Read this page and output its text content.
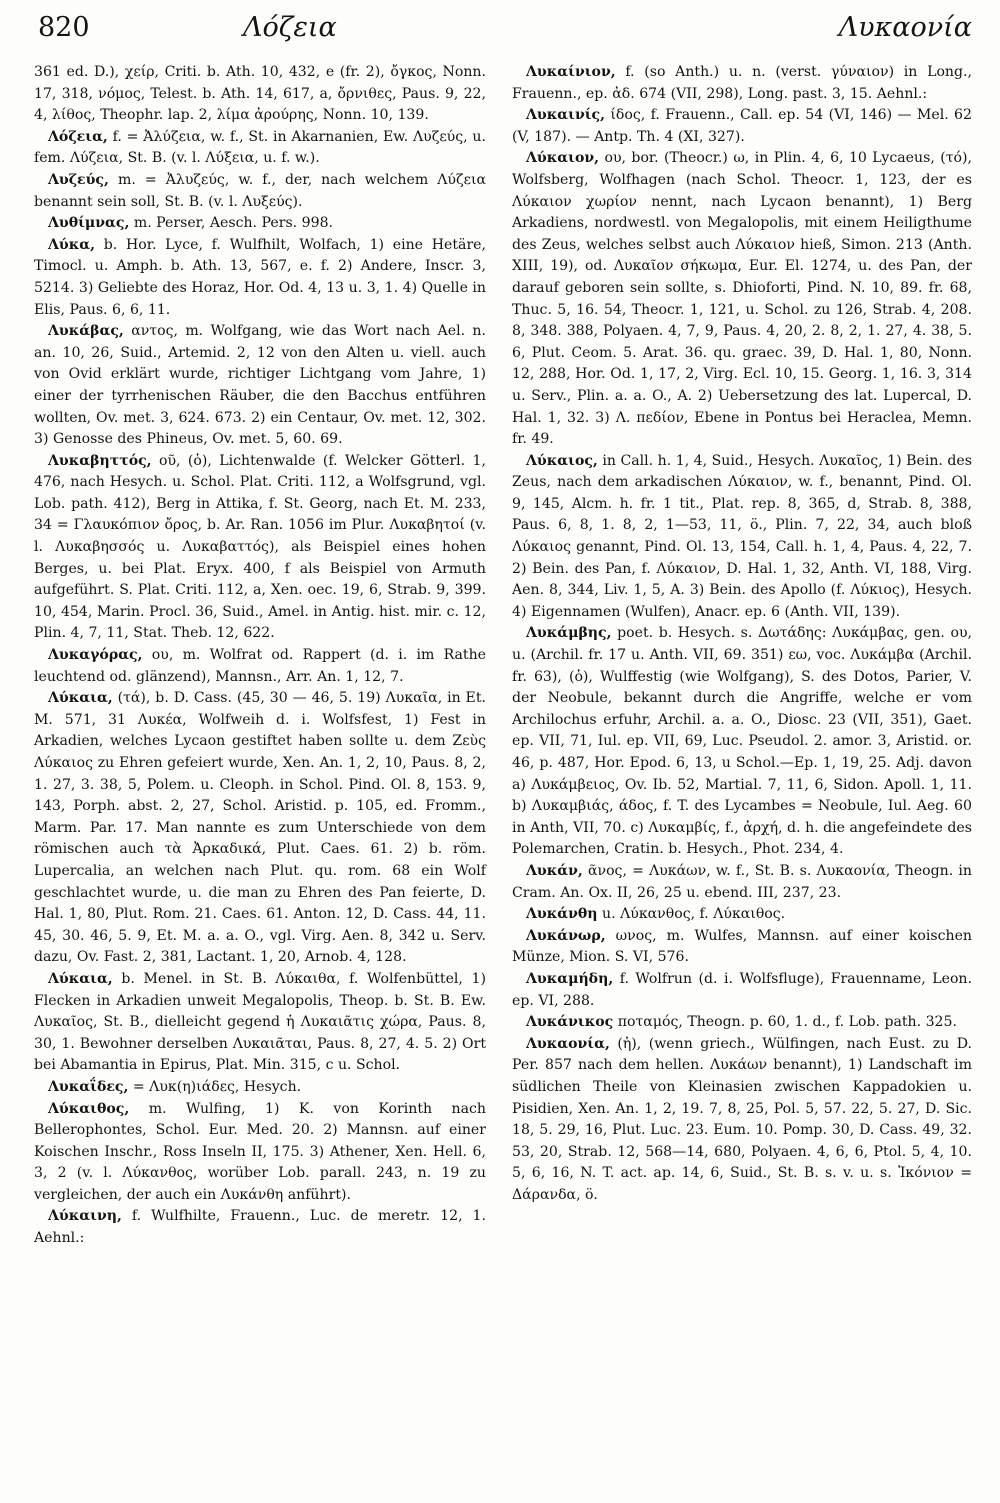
820	Λόζεια	Λυκαονία

361 ed. D.), χείρ, Criti. b. Ath. 10, 432, e (fr. 2), ὄγκος, Nonn. 17, 318, νόμος, Telest. b. Ath. 14, 617, a, ὄρνιθες, Paus. 9, 22, 4, λίθος, Theophr. lap. 2, λίμα ἀρούρης, Nonn. 10, 139.

Λόζεια, f. = Ἀλύζεια, w. f., St. in Akarnanien, Ew. Λυζεύς, u. fem. Λύζεια, St. B. (v. l. Λύξεια, u. f. w.).

Λυζεύς, m. = Ἀλυζεύς, w. f., der, nach welchem Λύζεια benannt sein soll, St. B. (v. l. Λυξεύς).

Λυθίμνας, m. Perser, Aesch. Pers. 998.

Λύκα, b. Hor. Lyce, f. Wulfhilt, Wolfach, 1) eine Hetäre, Timocl. u. Amph. b. Ath. 13, 567, e. f. 2) Andere, Inscr. 3, 5214. 3) Geliebte des Horaz, Hor. Od. 4, 13 u. 3, 1. 4) Quelle in Elis, Paus. 6, 6, 11.

Λυκάβας, αντος, m. Wolfgang, wie das Wort nach Ael. n. an. 10, 26, Suid., Artemid. 2, 12 von den Alten u. viell. auch von Ovid erklärt wurde, richtiger Lichtgang vom Jahre, 1) einer der tyrrhenischen Räuber, die den Bacchus entführen wollten, Ov. met. 3, 624. 673. 2) ein Centaur, Ov. met. 12, 302. 3) Genosse des Phineus, Ov. met. 5, 60. 69.

Λυκαβηττός, οῦ, (ὁ), Lichtenwalde (f. Welcker Götterl. 1, 476, nach Hesych. u. Schol. Plat. Criti. 112, a Wolfsgrund, vgl. Lob. path. 412), Berg in Attika, f. St. Georg, nach Et. M. 233, 34 = Γλαυκόπιον ὄρος, b. Ar. Ran. 1056 im Plur. Λυκαβητοί (v. l. Λυκαβησσός u. Λυκαβαττός), als Beispiel eines hohen Berges, u. bei Plat. Eryx. 400, f als Beispiel von Armuth aufgeführt. S. Plat. Criti. 112, a, Xen. oec. 19, 6, Strab. 9, 399. 10, 454, Marin. Procl. 36, Suid., Amel. in Antig. hist. mir. c. 12, Plin. 4, 7, 11, Stat. Theb. 12, 622.

Λυκαγόρας, ου, m. Wolfrat od. Rappert (d. i. im Rathe leuchtend od. glänzend), Mannsn., Arr. An. 1, 12, 7.

Λύκαια, (τά), b. D. Cass. (45, 30 — 46, 5. 19) Λυκαῖα, in Et. M. 571, 31 Λυκέα, Wolfweih d. i. Wolfsfest, 1) Fest in Arkadien, welches Lycaon gestiftet haben sollte u. dem Ζεὺς Λύκαιος zu Ehren gefeiert wurde, Xen. An. 1, 2, 10, Paus. 8, 2, 1. 27, 3. 38, 5, Polem. u. Cleoph. in Schol. Pind. Ol. 8, 153. 9, 143, Porph. abst. 2, 27, Schol. Aristid. p. 105, ed. Fromm., Marm. Par. 17. Man nannte es zum Unterschiede von dem römischen auch τὰ Ἀρκαδικά, Plut. Caes. 61. 2) b. röm. Lupercalia, an welchen nach Plut. qu. rom. 68 ein Wolf geschlachtet wurde, u. die man zu Ehren des Pan feierte, D. Hal. 1, 80, Plut. Rom. 21. Caes. 61. Anton. 12, D. Cass. 44, 11. 45, 30. 46, 5. 9, Et. M. a. a. O., vgl. Virg. Aen. 8, 342 u. Serv. dazu, Ov. Fast. 2, 381, Lactant. 1, 20, Arnob. 4, 128.

Λύκαια, b. Menel. in St. B. Λύκαιθα, f. Wolfenbüttel, 1) Flecken in Arkadien unweit Megalopolis, Theop. b. St. B. Ew. Λυκαῖος, St. B., dielleicht gegend ἡ Λυκαιᾶτις χώρα, Paus. 8, 30, 1. Bewohner derselben Λυκαιᾶται, Paus. 8, 27, 4. 5. 2) Ort bei Abamantia in Epirus, Plat. Min. 315, c u. Schol.

Λυκαΐδες, = Λυκ(η)ιάδες, Hesych.

Λύκαιθος, m. Wulfing, 1) K. von Korinth nach Bellerophontes, Schol. Eur. Med. 20. 2) Mannsn. auf einer Koischen Inschr., Ross Inseln II, 175. 3) Athener, Xen. Hell. 6, 3, 2 (v. l. Λύκανθος, worüber Lob. parall. 243, n. 19 zu vergleichen, der auch ein Λυκάνθη anführt).

Λύκαινη, f. Wulfhilte, Frauenn., Luc. de meretr. 12, 1. Aehnl.:

Λυκαίνιον, f. (so Anth.) u. n. (verst. γύναιον) in Long., Frauenn., ep. ἀδ. 674 (VII, 298), Long. past. 3, 15. Aehnl.:

Λυκαινίς, ίδος, f. Frauenn., Call. ep. 54 (VI, 146) — Mel. 62 (V, 187). — Antp. Th. 4 (XI, 327).

Λύκαιον, ου, bor. (Theocr.) ω, in Plin. 4, 6, 10 Lycaeus, (τό), Wolfsberg, Wolfhagen (nach Schol. Theocr. 1, 123, der es Λύκαιον χωρίον nennt, nach Lycaon benannt), 1) Berg Arkadiens, nordwestl. von Megalopolis, mit einem Heiligthume des Zeus, welches selbst auch Λύκαιον hieß, Simon. 213 (Anth. XIII, 19), od. Λυκαῖον σήκωμα, Eur. El. 1274, u. des Pan, der darauf geboren sein sollte, s. Dhioforti, Pind. N. 10, 89. fr. 68, Thuc. 5, 16. 54, Theocr. 1, 121, u. Schol. zu 126, Strab. 4, 208. 8, 348. 388, Polyaen. 4, 7, 9, Paus. 4, 20, 2. 8, 2, 1. 27, 4. 38, 5. 6, Plut. Ceom. 5. Arat. 36. qu. graec. 39, D. Hal. 1, 80, Nonn. 12, 288, Hor. Od. 1, 17, 2, Virg. Ecl. 10, 15. Georg. 1, 16. 3, 314 u. Serv., Plin. a. a. O., A. 2) Uebersetzung des lat. Lupercal, D. Hal. 1, 32. 3) Λ. πεδίον, Ebene in Pontus bei Heraclea, Memn. fr. 49.

Λύκαιος, in Call. h. 1, 4, Suid., Hesych. Λυκαῖος, 1) Bein. des Zeus, nach dem arkadischen Λύκαιον, w. f., benannt, Pind. Ol. 9, 145, Alcm. h. fr. 1 tit., Plat. rep. 8, 365, d, Strab. 8, 388, Paus. 6, 8, 1. 8, 2, 1—53, 11, ö., Plin. 7, 22, 34, auch bloß Λύκαιος genannt, Pind. Ol. 13, 154, Call. h. 1, 4, Paus. 4, 22, 7. 2) Bein. des Pan, f. Λύκαιον, D. Hal. 1, 32, Anth. VI, 188, Virg. Aen. 8, 344, Liv. 1, 5, A. 3) Bein. des Apollo (f. Λύκιος), Hesych. 4) Eigennamen (Wulfen), Anacr. ep. 6 (Anth. VII, 139).

Λυκάμβης, poet. b. Hesych. s. Δωτάδης: Λυκάμβας, gen. ου, u. (Archil. fr. 17 u. Anth. VII, 69. 351) εω, voc. Λυκάμβα (Archil. fr. 63), (ὁ), Wulffestig (wie Wolfgang), S. des Dotos, Parier, V. der Neobule, bekannt durch die Angriffe, welche er vom Archilochus erfuhr, Archil. a. a. O., Diosc. 23 (VII, 351), Gaet. ep. VII, 71, Iul. ep. VII, 69, Luc. Pseudol. 2. amor. 3, Aristid. or. 46, p. 487, Hor. Epod. 6, 13, u Schol.—Ep. 1, 19, 25. Adj. davon a) Λυκάμβειος, Ov. Ib. 52, Martial. 7, 11, 6, Sidon. Apoll. 1, 11. b) Λυκαμβιάς, άδος, f. T. des Lycambes = Neobule, Iul. Aeg. 60 in Anth, VII, 70. c) Λυκαμβίς, f., ἀρχή, d. h. die angefeindete des Polemarchen, Cratin. b. Hesych., Phot. 234, 4.

Λυκάν, ᾶνος, = Λυκάων, w. f., St. B. s. Λυκαονία, Theogn. in Cram. An. Ox. II, 26, 25 u. ebend. III, 237, 23.

Λυκάνθη u. Λύκανθος, f. Λύκαιθος.

Λυκάνωρ, ωνος, m. Wulfes, Mannsn. auf einer koischen Münze, Mion. S. VI, 576.

Λυκαμήδη, f. Wolfrun (d. i. Wolfsfluge), Frauenname, Leon. ep. VI, 288.

Λυκάνικος ποταμός, Theogn. p. 60, 1. d., f. Lob. path. 325.

Λυκαονία, (ἡ), (wenn griech., Wülfingen, nach Eust. zu D. Per. 857 nach dem hellen. Λυκάων benannt), 1) Landschaft im südlichen Theile von Kleinasien zwischen Kappadokien u. Pisidien, Xen. An. 1, 2, 19. 7, 8, 25, Pol. 5, 57. 22, 5. 27, D. Sic. 18, 5. 29, 16, Plut. Luc. 23. Eum. 10. Pomp. 30, D. Cass. 49, 32. 53, 20, Strab. 12, 568—14, 680, Polyaen. 4, 6, 6, Ptol. 5, 4, 10. 5, 6, 16, N. T. act. ap. 14, 6, Suid., St. B. s. v. u. s. Ἰκόνιον = Δάρανδα, ö.
